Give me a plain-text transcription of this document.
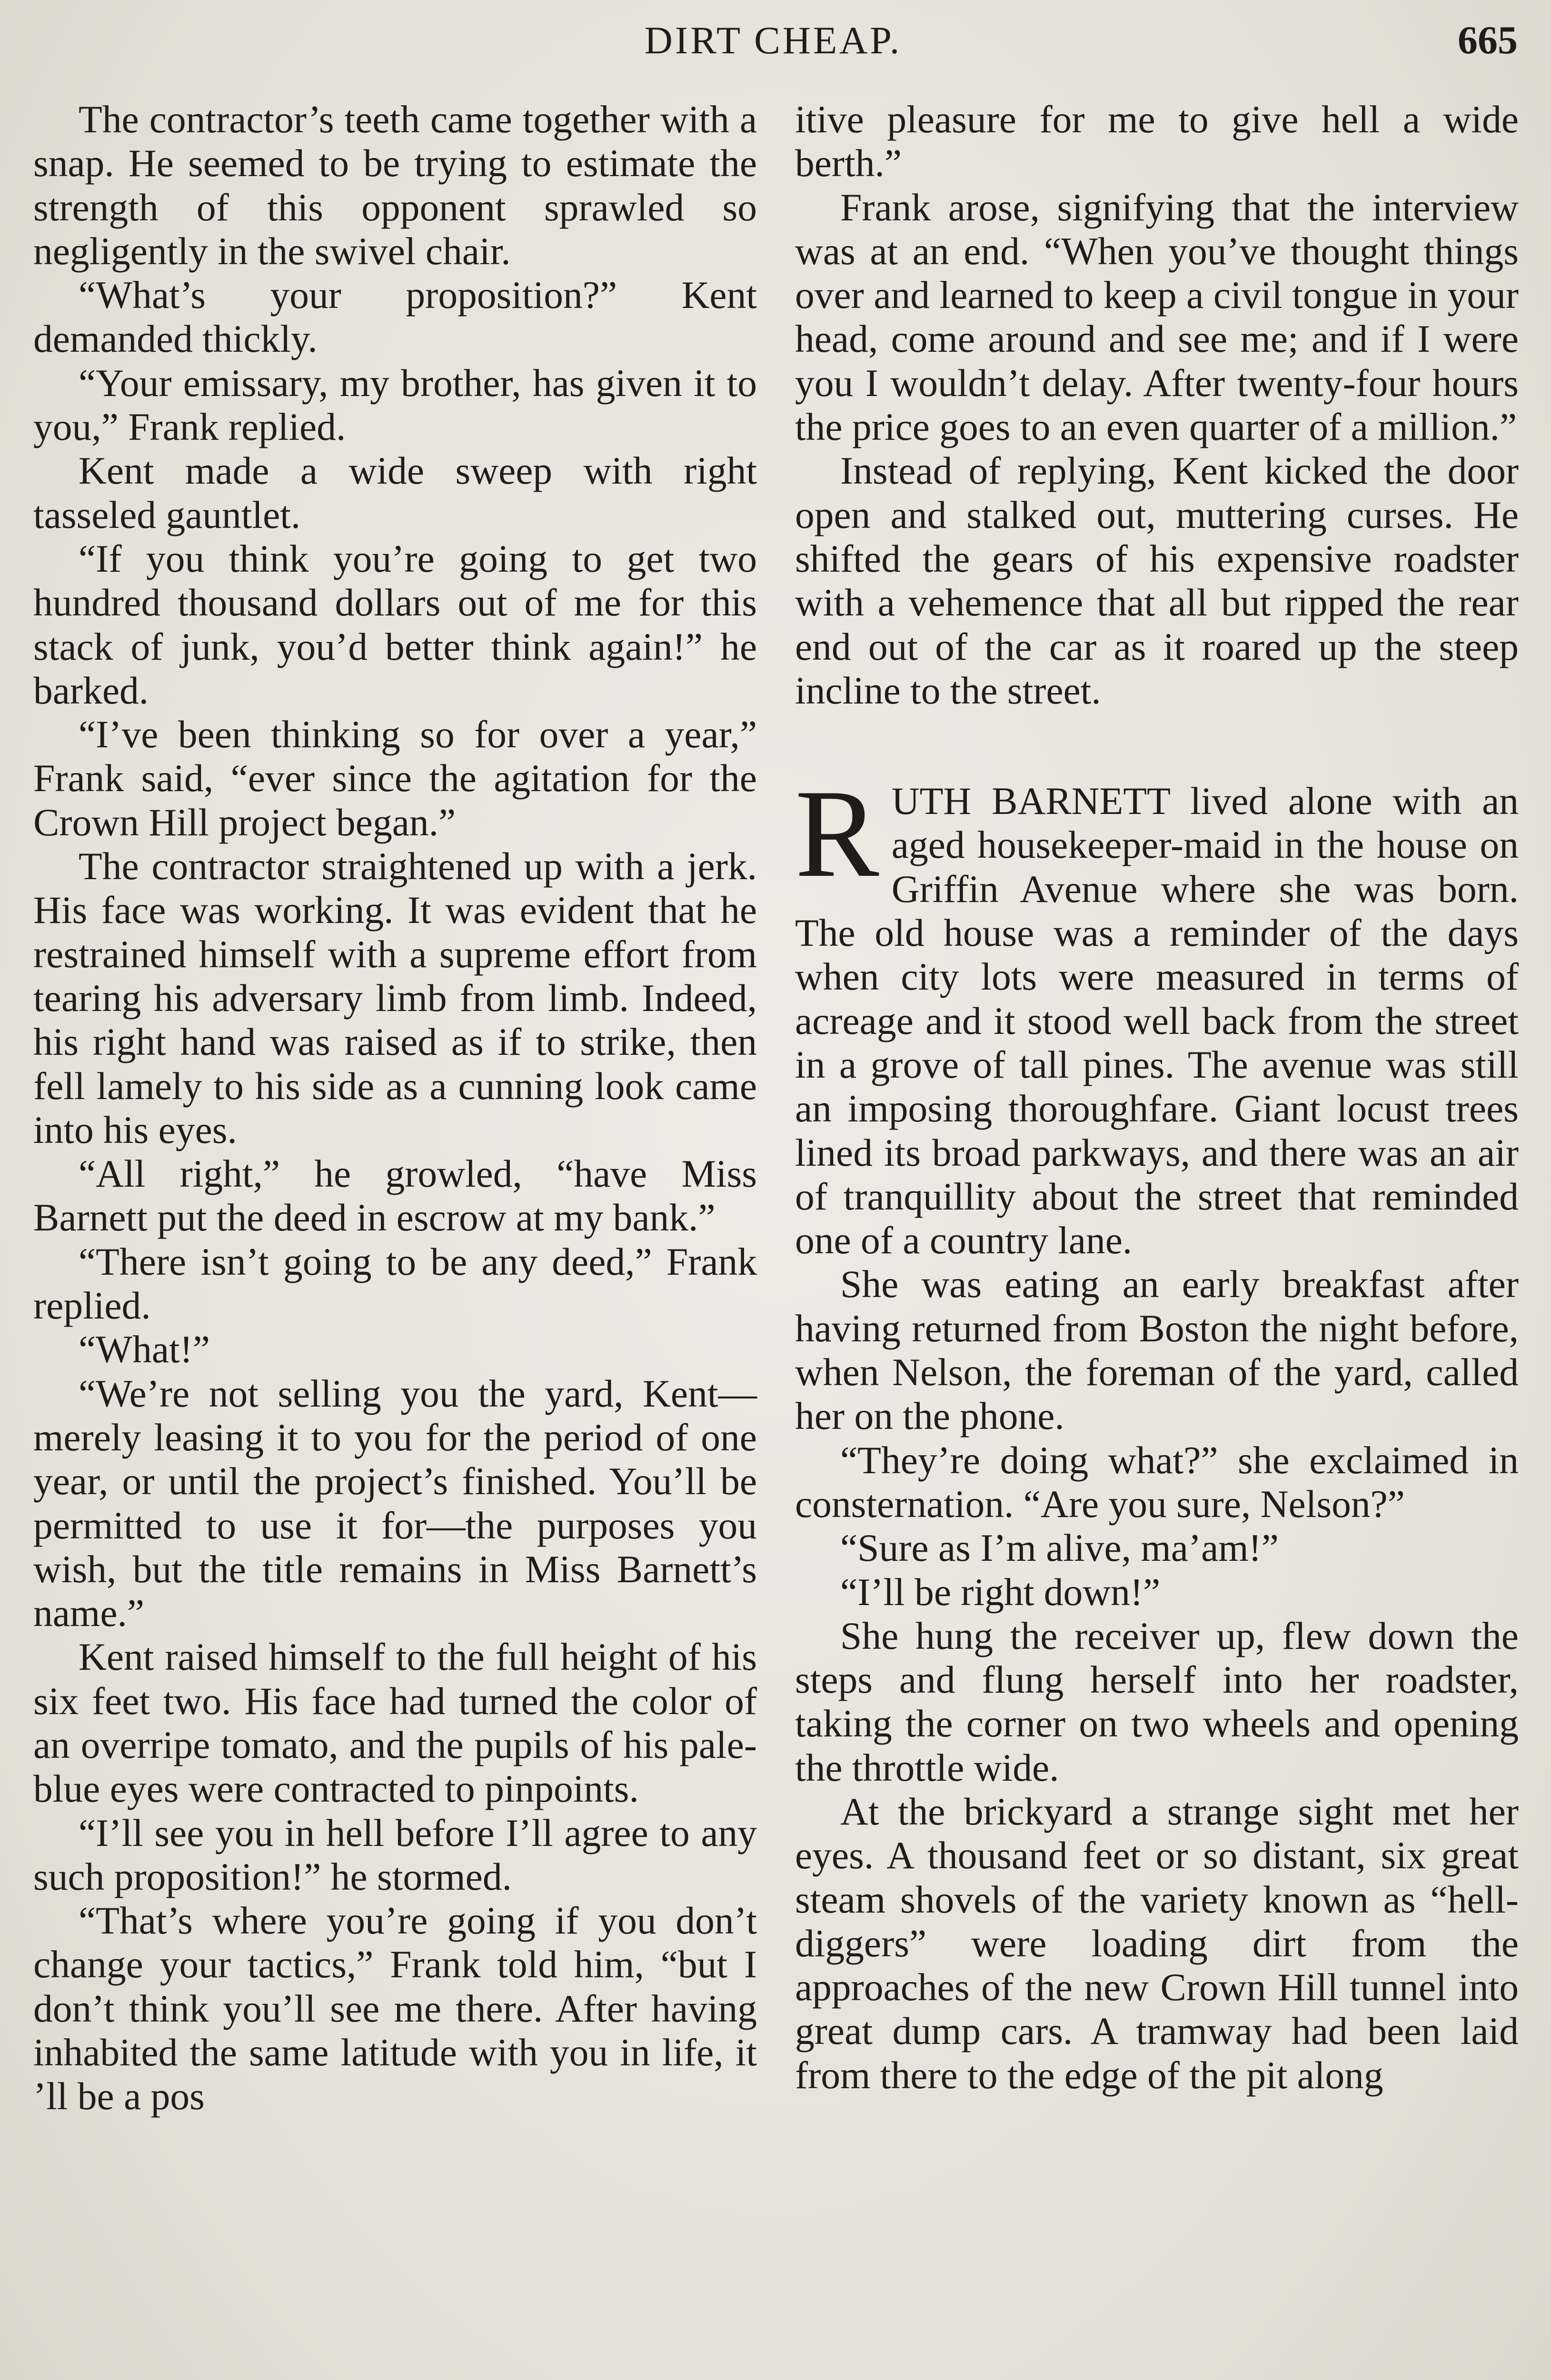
DIRT CHEAP.	665

The contractor’s teeth came together with a snap. He seemed to be trying to estimate the strength of this opponent sprawled so negligently in the swivel chair.

“What’s your proposition?” Kent demanded thickly.

“Your emissary, my brother, has given it to you,” Frank replied.

Kent made a wide sweep with right tasseled gauntlet.

“If you think you’re going to get two hundred thousand dollars out of me for this stack of junk, you’d better think again!” he barked.

“I’ve been thinking so for over a year,” Frank said, “ever since the agitation for the Crown Hill project began.”

The contractor straightened up with a jerk. His face was working. It was evident that he restrained himself with a supreme effort from tearing his adversary limb from limb. Indeed, his right hand was raised as if to strike, then fell lamely to his side as a cunning look came into his eyes.

“All right,” he growled, “have Miss Barnett put the deed in escrow at my bank.”

“There isn’t going to be any deed,” Frank replied.

“What!”

“We’re not selling you the yard, Kent—merely leasing it to you for the period of one year, or until the project’s finished. You’ll be permitted to use it for—the purposes you wish, but the title remains in Miss Barnett’s name.”

Kent raised himself to the full height of his six feet two. His face had turned the color of an overripe tomato, and the pupils of his pale-blue eyes were contracted to pinpoints.

“I’ll see you in hell before I’ll agree to any such proposition!” he stormed.

“That’s where you’re going if you don’t change your tactics,” Frank told him, “but I don’t think you’ll see me there. After having inhabited the same latitude with you in life, it ’ll be a pos

itive pleasure for me to give hell a wide berth.”

Frank arose, signifying that the interview was at an end. “When you’ve thought things over and learned to keep a civil tongue in your head, come around and see me; and if I were you I wouldn’t delay. After twenty-four hours the price goes to an even quarter of a million.”

Instead of replying, Kent kicked the door open and stalked out, muttering curses. He shifted the gears of his expensive roadster with a vehemence that all but ripped the rear end out of the car as it roared up the steep incline to the street.

RUTH BARNETT lived alone with an aged housekeeper-maid in the house on Griffin Avenue where she was born. The old house was a reminder of the days when city lots were measured in terms of acreage and it stood well back from the street in a grove of tall pines. The avenue was still an imposing thoroughfare. Giant locust trees lined its broad parkways, and there was an air of tranquillity about the street that reminded one of a country lane.

She was eating an early breakfast after having returned from Boston the night before, when Nelson, the foreman of the yard, called her on the phone.

“They’re doing what?” she exclaimed in consternation. “Are you sure, Nelson?”

“Sure as I’m alive, ma’am!”

“I’ll be right down!”

She hung the receiver up, flew down the steps and flung herself into her roadster, taking the corner on two wheels and opening the throttle wide.

At the brickyard a strange sight met her eyes. A thousand feet or so distant, six great steam shovels of the variety known as “hell-diggers” were loading dirt from the approaches of the new Crown Hill tunnel into great dump cars. A tramway had been laid from there to the edge of the pit along
